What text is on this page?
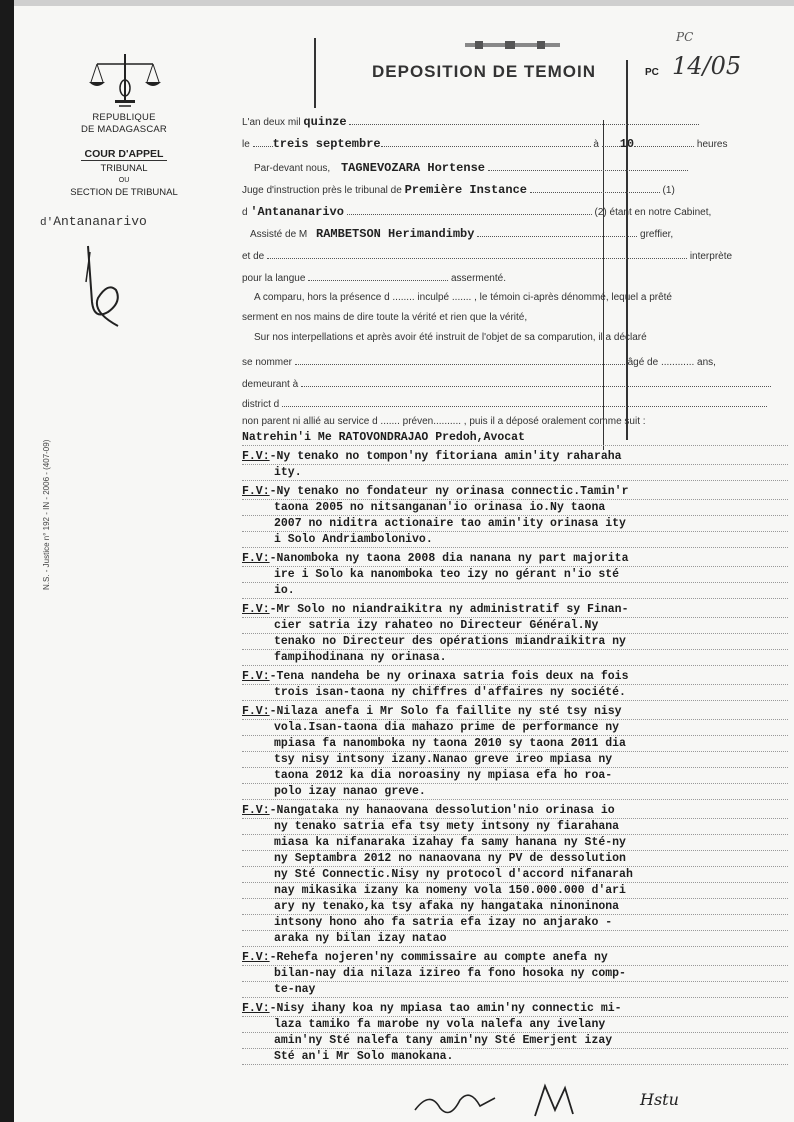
REPUBLIQUE
DE MADAGASCAR
COUR D'APPEL
TRIBUNAL
OU
SECTION DE TRIBUNAL
d'Antananarivo
N.S. - Justice n° 192 - IN - 2006 - (407-09)
DEPOSITION DE TEMOIN	PC
PC
14/05
L'an deux mil quinze
le treis septembre	à 10	heures
Par-devant nous, TAGNEVOZARA Hortense
Juge d'instruction près le tribunal de Première Instance	(1)
d 'Antananarivo	(2) étant en notre Cabinet,
Assisté de M RAMBETSON Herimandimby	greffier,
et de	interprète
pour la langue	assermenté.
A comparu, hors la présence d ........ inculpé ....... , le témoin ci-après dénommé, lequel a prêté
serment en nos mains de dire toute la vérité et rien que la vérité,
Sur nos interpellations et après avoir été instruit de l'objet de sa comparution, il a déclaré
se nommer	âgé de ............ ans,
demeurant à
district d
non parent ni allié au service d ....... préven.......... , puis il a déposé oralement comme suit :
Natrehin'i Me RATOVONDRAJAO Predoh,Avocat
F.V:-Ny tenako no tompon'ny fitoriana amin'ity raharaha
ity.
F.V:-Ny tenako no fondateur ny orinasa connectic.Tamin'r
taona 2005 no nitsanganan'io orinasa io.Ny taona
2007 no niditra actionaire tao amin'ity orinasa ity
i Solo Andriambolonivo.
F.V:-Nanomboka ny taona 2008 dia nanana ny part majorita
ire i Solo ka nanomboka teo izy no gérant n'io sté
io.
F.V:-Mr Solo no niandraikitra ny administratif sy Finan-
cier satria izy rahateo no Directeur Général.Ny
tenako no Directeur des opérations miandraikitra ny
fampihodinana ny orinasa.
F.V:-Tena nandeha be ny orinaxa satria fois deux na fois
trois isan-taona ny chiffres d'affaires ny société.
F.V:-Nilaza anefa i Mr Solo fa faillite ny sté tsy nisy
vola.Isan-taona dia mahazo prime de performance ny
mpiasa fa nanomboka ny taona 2010 sy taona 2011 dia
tsy nisy intsony izany.Nanao greve ireo mpiasa ny
taona 2012 ka dia noroasiny ny mpiasa efa ho roa-
polo izay nanao greve.
F.V:-Nangataka ny hanaovana dessolution'nio orinasa io
ny tenako satria efa tsy mety intsony ny fiarahana
miasa ka nifanaraka izahay fa samy hanana ny Sté-ny
ny Septambra 2012 no nanaovana ny PV de dessolution
ny Sté Connectic.Nisy ny protocol d'accord nifanarah
nay mikasika izany ka nomeny vola 150.000.000 d'ari
ary ny tenako,ka tsy afaka ny hangataka ninoninona
intsony hono aho fa satria efa izay no anjarako -
araka ny bilan izay natao
F.V:-Rehefa nojeren'ny commissaire au compte anefa ny
bilan-nay dia nilaza izireo fa fono hosoka ny comp-
te-nay
F.V:-Nisy ihany koa ny mpiasa tao amin'ny connectic mi-
laza tamiko fa marobe ny vola nalefa any ivelany
amin'ny Sté nalefa tany amin'ny Sté Emerjent izay
Sté an'i Mr Solo manokana.
Hstu
